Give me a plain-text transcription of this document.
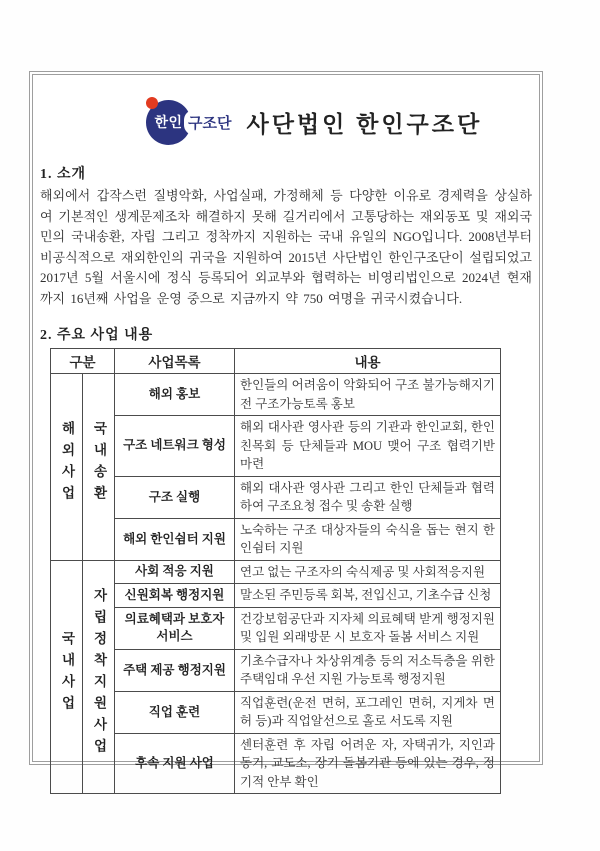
한인 구조단 사단법인 한인구조단
1. 소개
해외에서 갑작스런 질병악화, 사업실패, 가정해체 등 다양한 이유로 경제력을 상실하여 기본적인 생계문제조차 해결하지 못해 길거리에서 고통당하는 재외동포 및 재외국민의 국내송환, 자립 그리고 정착까지 지원하는 국내 유일의 NGO입니다. 2008년부터 비공식적으로 재외한인의 귀국을 지원하여 2015년 사단법인 한인구조단이 설립되었고 2017년 5월 서울시에 정식 등록되어 외교부와 협력하는 비영리법인으로 2024년 현재까지 16년째 사업을 운영 중으로 지금까지 약 750 여명을 귀국시켰습니다.
2. 주요 사업 내용
구분		사업목록	내용
해외사업	국내송환	해외 홍보	한인들의 어려움이 악화되어 구조 불가능해지기 전 구조가능토록 홍보
		구조 네트워크 형성	해외 대사관 영사관 등의 기관과 한인교회, 한인친목회 등 단체들과 MOU 맺어 구조 협력기반 마련
		구조 실행	해외 대사관 영사관 그리고 한인 단체들과 협력하여 구조요청 접수 및 송환 실행
		해외 한인쉼터 지원	노숙하는 구조 대상자들의 숙식을 돕는 현지 한인쉼터 지원
국내사업	자립정착지원사업	사회 적응 지원	연고 없는 구조자의 숙식제공 및 사회적응지원
		신원회복 행정지원	말소된 주민등록 회복, 전입신고, 기초수급 신청
		의료혜택과 보호자 서비스	건강보험공단과 지자체 의료혜택 받게 행정지원 및 입원 외래방문 시 보호자 돌봄 서비스 지원
		주택 제공 행정지원	기초수급자나 차상위계층 등의 저소득층을 위한 주택임대 우선 지원 가능토록 행정지원
		직업 훈련	직업훈련(운전 면허, 포그레인 면허, 지게차 면허 등)과 직업알선으로 홀로 서도록 지원
		후속 지원 사업	센터훈련 후 자립 어려운 자, 자택귀가, 지인과 동거, 교도소, 장기 돌봄기관 등에 있는 경우, 정기적 안부 확인
